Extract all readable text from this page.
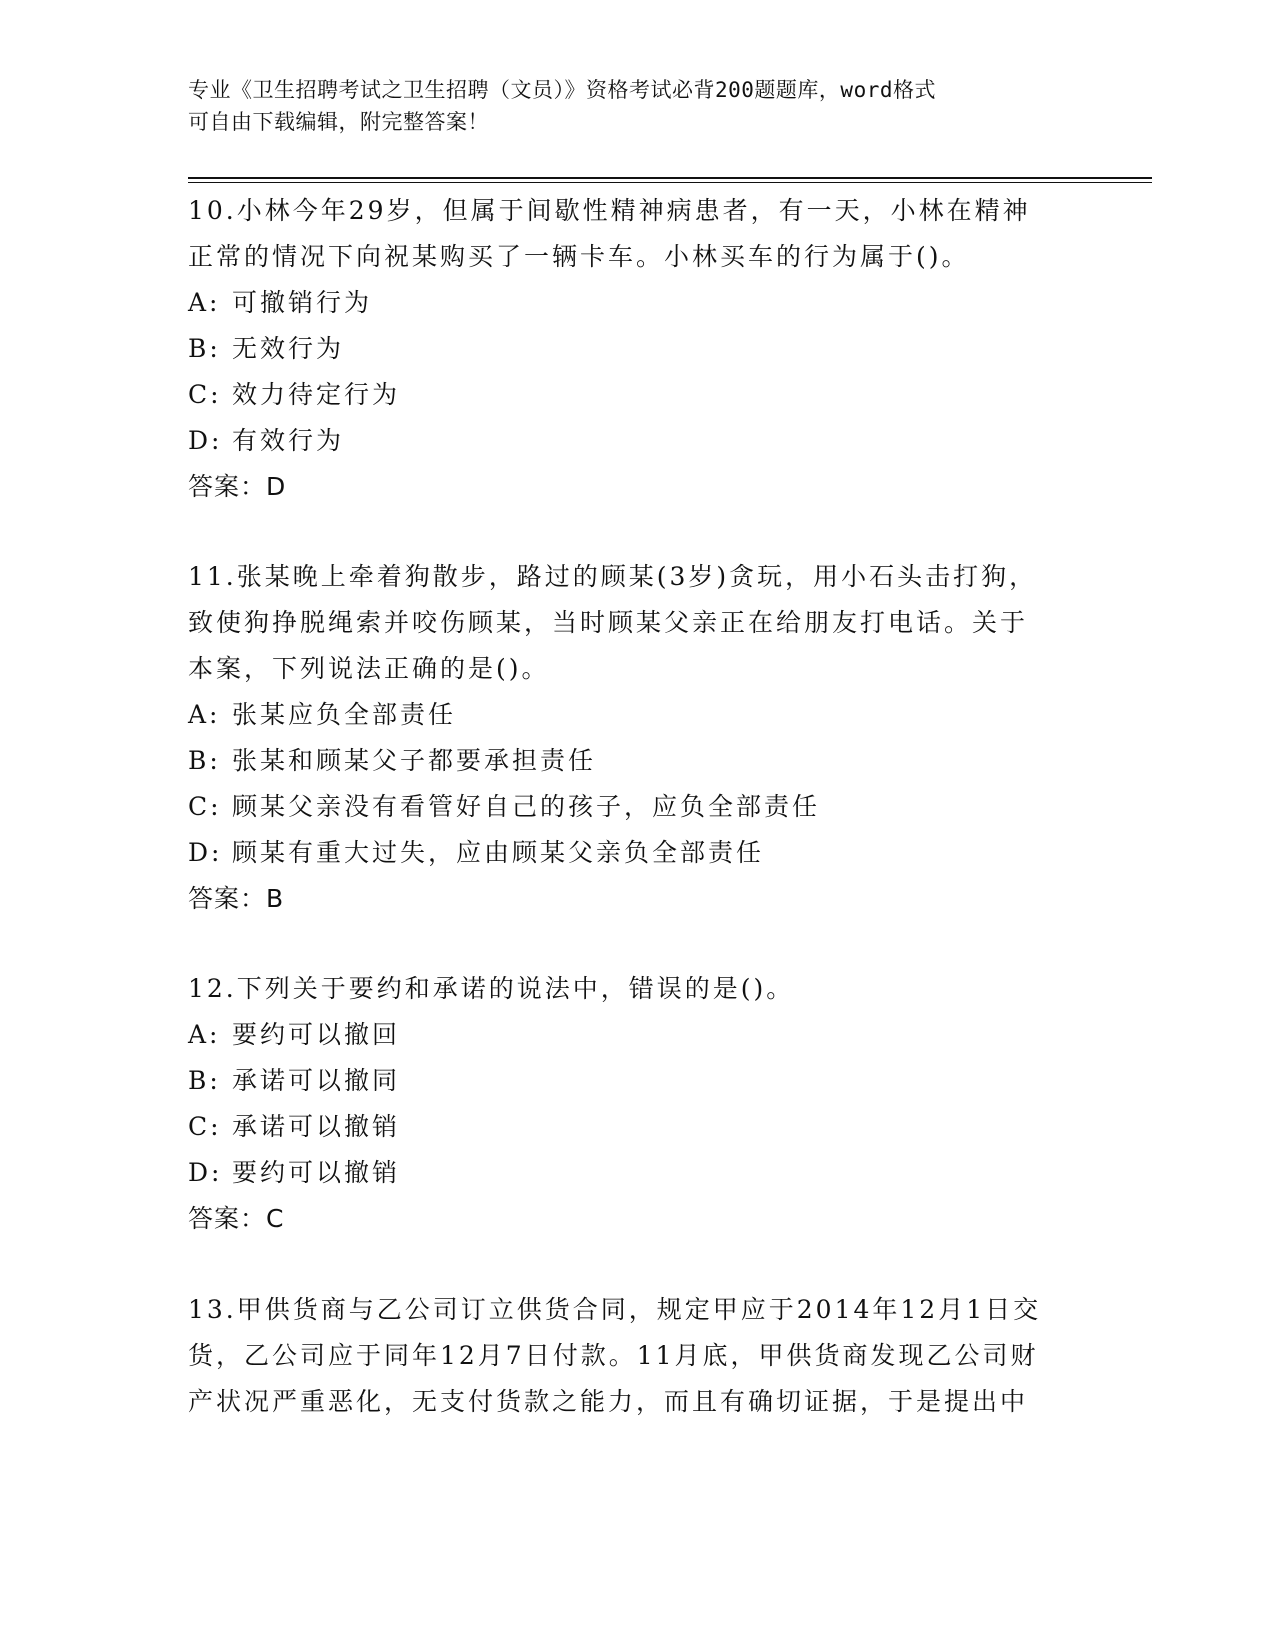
专业《卫生招聘考试之卫生招聘（文员）》资格考试必背200题题库，word格式
可自由下载编辑，附完整答案！

10.小林今年29岁，但属于间歇性精神病患者，有一天，小林在精神

正常的情况下向祝某购买了一辆卡车。小林买车的行为属于()。

A: 可撤销行为
B: 无效行为
C: 效力待定行为
D: 有效行为

答案：D

11.张某晚上牵着狗散步，路过的顾某(3岁)贪玩，用小石头击打狗，

致使狗挣脱绳索并咬伤顾某，当时顾某父亲正在给朋友打电话。关于

本案，下列说法正确的是()。

A: 张某应负全部责任
B: 张某和顾某父子都要承担责任
C: 顾某父亲没有看管好自己的孩子，应负全部责任
D: 顾某有重大过失，应由顾某父亲负全部责任

答案：B

12.下列关于要约和承诺的说法中，错误的是()。

A: 要约可以撤回
B: 承诺可以撤同
C: 承诺可以撤销
D: 要约可以撤销

答案：C

13.甲供货商与乙公司订立供货合同，规定甲应于2014年12月1日交

货，乙公司应于同年12月7日付款。11月底，甲供货商发现乙公司财

产状况严重恶化，无支付货款之能力，而且有确切证据，于是提出中
